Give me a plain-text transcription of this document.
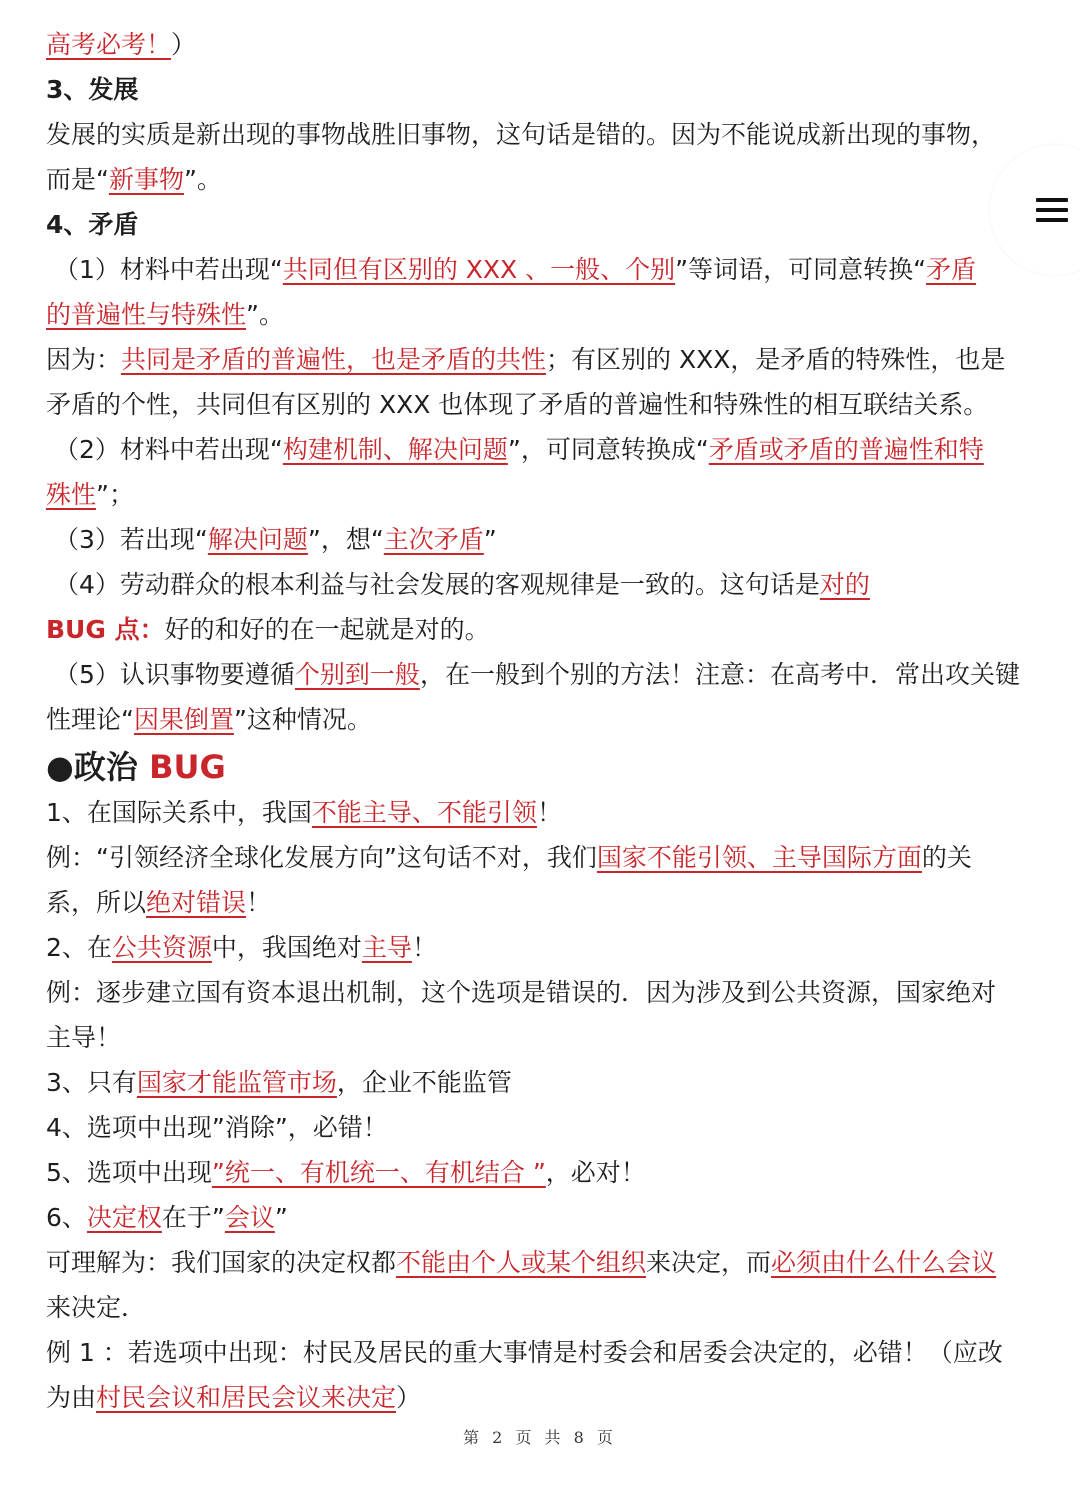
高考必考！）
3、发展
发展的实质是新出现的事物战胜旧事物，这句话是错的。因为不能说成新出现的事物，
而是“新事物”。
4、矛盾
（1）材料中若出现“共同但有区别的 XXX 、一般、个别”等词语，可同意转换“矛盾
的普遍性与特殊性”。
因为：共同是矛盾的普遍性，也是矛盾的共性；有区别的 XXX，是矛盾的特殊性，也是
矛盾的个性，共同但有区别的 XXX 也体现了矛盾的普遍性和特殊性的相互联结关系。
（2）材料中若出现“构建机制、解决问题”，可同意转换成“矛盾或矛盾的普遍性和特
殊性”；
（3）若出现“解决问题”，想“主次矛盾”
（4）劳动群众的根本利益与社会发展的客观规律是一致的。这句话是对的
BUG 点：好的和好的在一起就是对的。
（5）认识事物要遵循个别到一般，在一般到个别的方法！注意：在高考中．常出攻关键
性理论“因果倒置”这种情况。
●政治 BUG
1、在国际关系中，我国不能主导、不能引领！
例：“引领经济全球化发展方向”这句话不对，我们国家不能引领、主导国际方面的关
系，所以绝对错误！
2、在公共资源中，我国绝对主导！
例：逐步建立国有资本退出机制，这个选项是错误的．因为涉及到公共资源，国家绝对
主导！
3、只有国家才能监管市场，企业不能监管
4、选项中出现”消除”，必错！
5、选项中出现”统一、有机统一、有机结合 ”，必对！
6、决定权在于”会议”
可理解为：我们国家的决定权都不能由个人或某个组织来决定，而必须由什么什么会议
来决定．
例 1 ：若选项中出现：村民及居民的重大事情是村委会和居委会决定的，必错！（应改
为由村民会议和居民会议来决定）
第 2 页 共 8 页
